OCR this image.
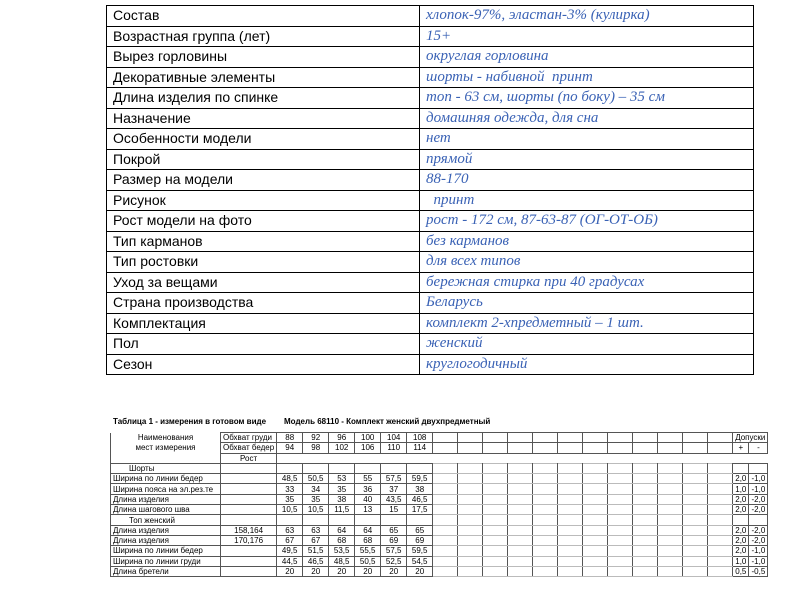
Состав	хлопок-97%, эластан-3% (кулирка)
Возрастная группа (лет)	15+
Вырез горловины	округлая горловина
Декоративные элементы	шорты - набивной  принт
Длина изделия по спинке	топ - 63 см, шорты (по боку) – 35 см
Назначение	домашняя одежда, для сна
Особенности модели	нет
Покрой	прямой
Размер на модели	88-170
Рисунок	принт
Рост модели на фото	рост - 172 см, 87-63-87 (ОГ-ОТ-ОБ)
Тип карманов	без карманов
Тип ростовки	для всех типов
Уход за вещами	бережная стирка при 40 градусах
Страна производства	Беларусь
Комплектация	комплект 2-хпредметный – 1 шт.
Пол	женский
Сезон	круглогодичный
Таблица 1 - измерения в готовом виде Модель 68110 - Комплект женский двухпредметный
Наименования	Обхват груди	88	92	96	100	104	108													Допуски	
мест измерения	Обхват бедер	94	98	102	106	110	114													+	-
	Рост																				
Шорты																					
Ширина по линии бедер		48,5	50,5	53	55	57,5	59,5													2,0	-1,0
Ширина пояса на эл.рез.те		33	34	35	36	37	38													1,0	-1,0
Длина изделия		35	35	38	40	43,5	46,5													2,0	-2,0
Длина шагового шва		10,5	10,5	11,5	13	15	17,5													2,0	-2,0
Топ женский																					
Длина изделия	158,164	63	63	64	64	65	65													2,0	-2,0
Длина изделия	170,176	67	67	68	68	69	69													2,0	-2,0
Ширина по линии бедер		49,5	51,5	53,5	55,5	57,5	59,5													2,0	-1,0
Ширина по линии груди		44,5	46,5	48,5	50,5	52,5	54,5													1,0	-1,0
Длина бретели		20	20	20	20	20	20													0,5	-0,5
